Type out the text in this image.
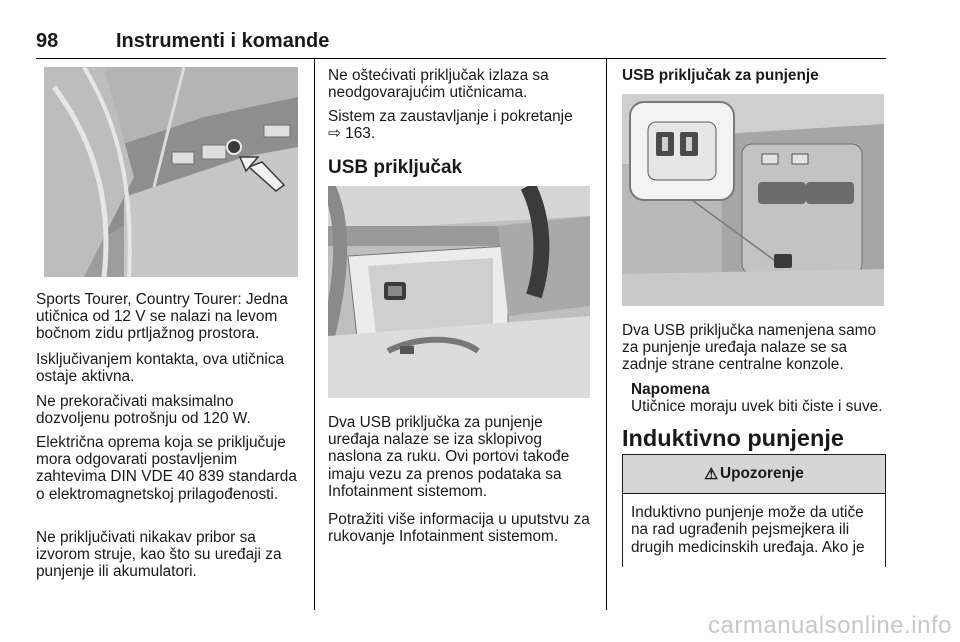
98	Instrumenti i komande

Sports Tourer, Country Tourer: Jedna utičnica od 12 V se nalazi na levom bočnom zidu prtljažnog prostora.

Isključivanjem kontakta, ova utičnica ostaje aktivna.

Ne prekoračivati maksimalno dozvoljenu potrošnju od 120 W.

Električna oprema koja se priključuje mora odgovarati postavljenim zahtevima DIN VDE 40 839 standarda o elektromagnetskoj prilagođenosti.

Ne priključivati nikakav pribor sa izvorom struje, kao što su uređaji za punjenje ili akumulatori.

Ne oštećivati priključak izlaza sa neodgovarajućim utičnicama.

Sistem za zaustavljanje i pokretanje
⇨ 163.

USB priključak

Dva USB priključka za punjenje uređaja nalaze se iza sklopivog naslona za ruku. Ovi portovi takođe imaju vezu za prenos podataka sa Infotainment sistemom.

Potražiti više informacija u uputstvu za rukovanje Infotainment sistemom.

USB priključak za punjenje

Dva USB priključka namenjena samo za punjenje uređaja nalaze se sa zadnje strane centralne konzole.

Napomena
Utičnice moraju uvek biti čiste i suve.
Induktivno punjenje
⚠ Upozorenje
Induktivno punjenje može da utiče na rad ugrađenih pejsmejkera ili drugih medicinskih uređaja. Ako je
carmanualsonline.info
